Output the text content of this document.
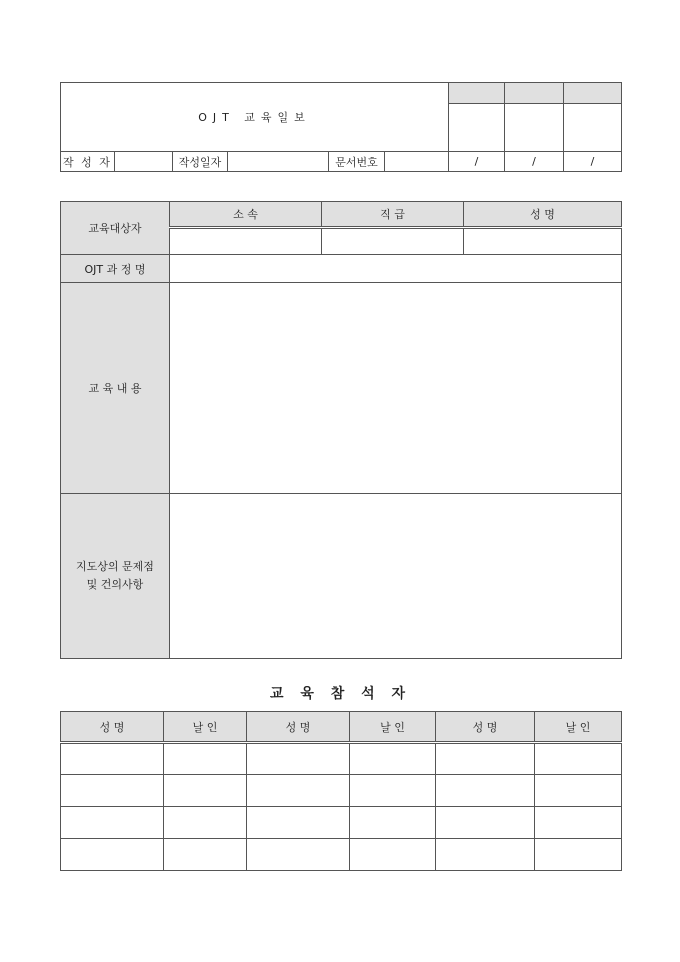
OJT 교육일보								

작 성 자		작성일자		문서번호		/	/	/
교육대상자	소 속	직 급	성 명

OJT 과 정 명			
교 육 내 용			
지도상의 문제점
및 건의사항			
교 육 참 석 자
성 명	날 인	성 명	날 인	성 명	날 인
